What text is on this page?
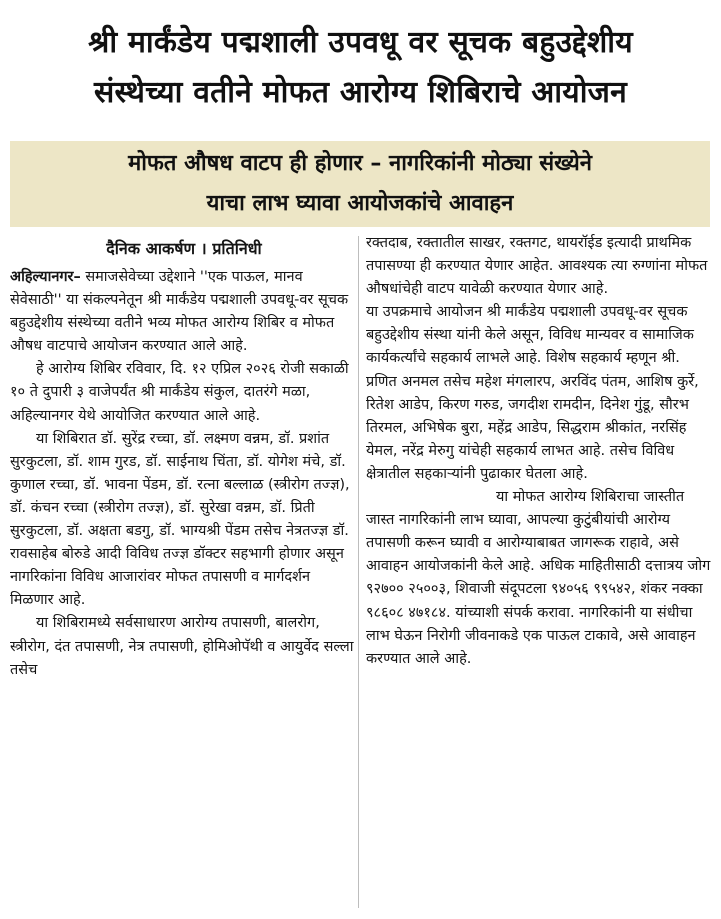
श्री मार्कंडेय पद्मशाली उपवधू वर सूचक बहुउद्देशीय
संस्थेच्या वतीने मोफत आरोग्य शिबिराचे आयोजन
मोफत औषध वाटप ही होणार – नागरिकांनी मोठ्या संख्येने
याचा लाभ घ्यावा आयोजकांचे आवाहन
दैनिक आकर्षण । प्रतिनिधी

अहिल्यानगर– समाजसेवेच्या उद्देशाने ''एक पाऊल, मानव सेवेसाठी'' या संकल्पनेतून श्री मार्कंडेय पद्मशाली उपवधू-वर सूचक बहुउद्देशीय संस्थेच्या वतीने भव्य मोफत आरोग्य शिबिर व मोफत औषध वाटपाचे आयोजन करण्यात आले आहे.

हे आरोग्य शिबिर रविवार, दि. १२ एप्रिल २०२६ रोजी सकाळी १० ते दुपारी ३ वाजेपर्यंत श्री मार्कंडेय संकुल, दातरंगे मळा, अहिल्यानगर येथे आयोजित करण्यात आले आहे.

या शिबिरात डॉ. सुरेंद्र रच्चा, डॉ. लक्ष्मण वन्नम, डॉ. प्रशांत सुरकुटला, डॉ. शाम गुरड, डॉ. साईनाथ चिंता, डॉ. योगेश मंचे, डॉ. कुणाल रच्चा, डॉ. भावना पेंडम, डॉ. रत्ना बल्लाळ (स्त्रीरोग तज्ज्ञ), डॉ. कंचन रच्चा (स्त्रीरोग तज्ज्ञ), डॉ. सुरेखा वन्नम, डॉ. प्रिती सुरकुटला, डॉ. अक्षता बडगु, डॉ. भाग्यश्री पेंडम तसेच नेत्रतज्ज्ञ डॉ. रावसाहेब बोरुडे आदी विविध तज्ज्ञ डॉक्टर सहभागी होणार असून नागरिकांना विविध आजारांवर मोफत तपासणी व मार्गदर्शन मिळणार आहे.

या शिबिरामध्ये सर्वसाधारण आरोग्य तपासणी, बालरोग, स्त्रीरोग, दंत तपासणी, नेत्र तपासणी, होमिओपॅथी व आयुर्वेद सल्ला तसेच

रक्तदाब, रक्तातील साखर, रक्तगट, थायरॉईड इत्यादी प्राथमिक तपासण्या ही करण्यात येणार आहेत. आवश्यक त्या रुग्णांना मोफत औषधांचेही वाटप यावेळी करण्यात येणार आहे.

या उपक्रमाचे आयोजन श्री मार्कंडेय पद्मशाली उपवधू-वर सूचक बहुउद्देशीय संस्था यांनी केले असून, विविध मान्यवर व सामाजिक कार्यकर्त्यांचे सहकार्य लाभले आहे. विशेष सहकार्य म्हणून श्री. प्रणित अनमल तसेच महेश मंगलारप, अरविंद पंतम, आशिष कुर्रे, रितेश आडेप, किरण गरुड, जगदीश रामदीन, दिनेश गुंडू, सौरभ तिरमल, अभिषेक बुरा, महेंद्र आडेप, सिद्धराम श्रीकांत, नरसिंह येमल, नरेंद्र मेरुगु यांचेही सहकार्य लाभत आहे. तसेच विविध क्षेत्रातील सहकाऱ्यांनी पुढाकार घेतला आहे.

या मोफत आरोग्य शिबिराचा जास्तीत जास्त नागरिकांनी लाभ घ्यावा, आपल्या कुटुंबीयांची आरोग्य तपासणी करून घ्यावी व आरोग्याबाबत जागरूक राहावे, असे आवाहन आयोजकांनी केले आहे. अधिक माहितीसाठी दत्तात्रय जोग ९२७०० २५००३, शिवाजी संदूपटला ९४०५६ ९९५४२, शंकर नक्का ९८६०८ ४७१८४. यांच्याशी संपर्क करावा. नागरिकांनी या संधीचा लाभ घेऊन निरोगी जीवनाकडे एक पाऊल टाकावे, असे आवाहन करण्यात आले आहे.
